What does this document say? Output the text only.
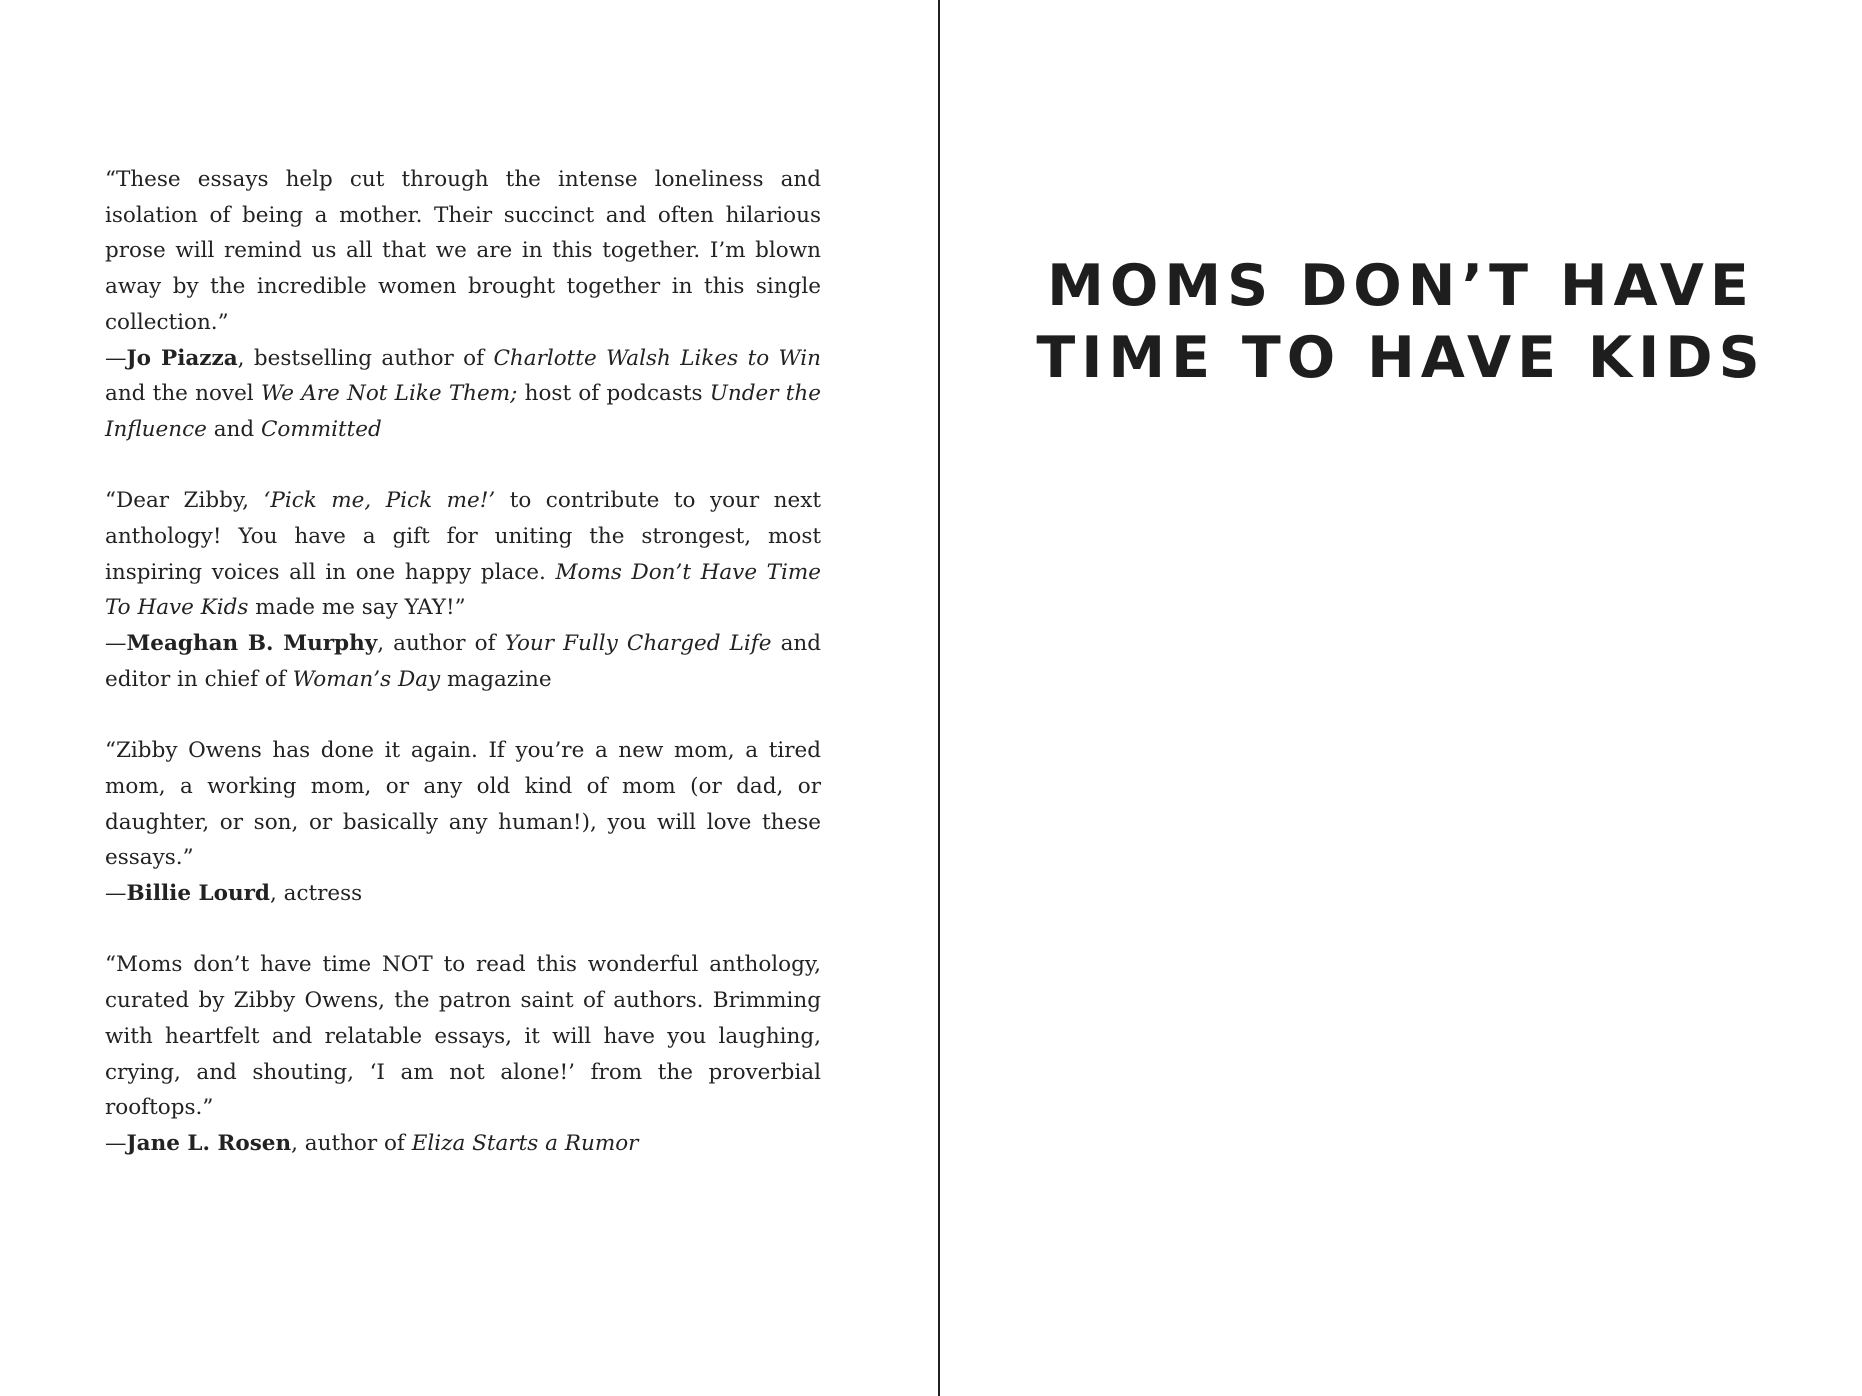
“These essays help cut through the intense loneliness and isolation of being a mother. Their succinct and often hilarious prose will remind us all that we are in this together. I’m blown away by the incredible women brought together in this single collection.”

—Jo Piazza, bestselling author of Charlotte Walsh Likes to Win and the novel We Are Not Like Them; host of podcasts Under the Influence and Committed

“Dear Zibby, ‘Pick me, Pick me!’ to contribute to your next anthology! You have a gift for uniting the strongest, most inspiring voices all in one happy place. Moms Don’t Have Time To Have Kids made me say YAY!”

—Meaghan B. Murphy, author of Your Fully Charged Life and editor in chief of Woman’s Day magazine

“Zibby Owens has done it again. If you’re a new mom, a tired mom, a working mom, or any old kind of mom (or dad, or daughter, or son, or basically any human!), you will love these essays.”

—Billie Lourd, actress

“Moms don’t have time NOT to read this wonderful anthology, curated by Zibby Owens, the patron saint of authors. Brimming with heartfelt and relatable essays, it will have you laughing, crying, and shouting, ‘I am not alone!’ from the proverbial rooftops.”

—Jane L. Rosen, author of Eliza Starts a Rumor

MOMS DON’T HAVE
TIME TO HAVE KIDS
